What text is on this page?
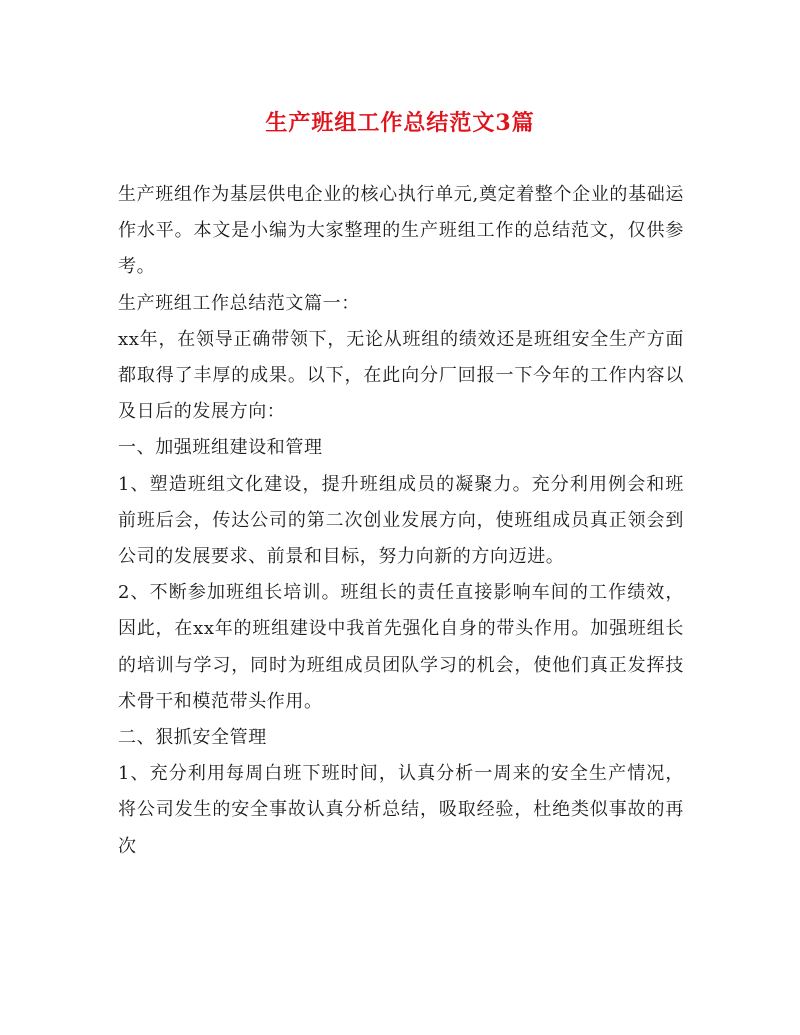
生产班组工作总结范文3篇

生产班组作为基层供电企业的核心执行单元,奠定着整个企业的基础运作水平。本文是小编为大家整理的生产班组工作的总结范文，仅供参考。

生产班组工作总结范文篇一：

xx年，在领导正确带领下，无论从班组的绩效还是班组安全生产方面都取得了丰厚的成果。以下，在此向分厂回报一下今年的工作内容以及日后的发展方向：

一、加强班组建设和管理

1、塑造班组文化建设，提升班组成员的凝聚力。充分利用例会和班前班后会，传达公司的第二次创业发展方向，使班组成员真正领会到公司的发展要求、前景和目标，努力向新的方向迈进。

2、不断参加班组长培训。班组长的责任直接影响车间的工作绩效，因此，在xx年的班组建设中我首先强化自身的带头作用。加强班组长的培训与学习，同时为班组成员团队学习的机会，使他们真正发挥技术骨干和模范带头作用。

二、狠抓安全管理

1、充分利用每周白班下班时间，认真分析一周来的安全生产情况，将公司发生的安全事故认真分析总结，吸取经验，杜绝类似事故的再次
